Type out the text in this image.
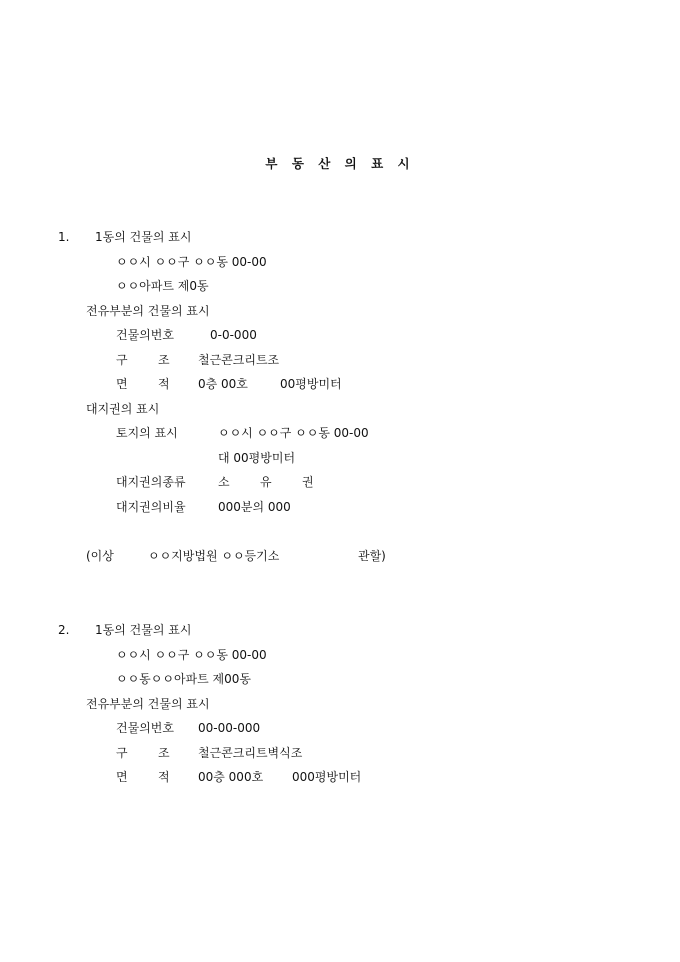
부 동 산 의 표 시
1. 1동의 건물의 표시
ㅇㅇ시 ㅇㅇ구 ㅇㅇ동 00-00
ㅇㅇ아파트 제0동
전유부분의 건물의 표시
건물의번호	0-0-000
구	조 철근콘크리트조
면	적 0층 00호	00평방미터
대지권의 표시
토지의 표시	ㅇㅇ시 ㅇㅇ구 ㅇㅇ동 00-00
대 00평방미터
대지권의종류	소	유	권
대지권의비율	000분의 000
(이상	ㅇㅇ지방법원 ㅇㅇ등기소	관할)
2. 1동의 건물의 표시
ㅇㅇ시 ㅇㅇ구 ㅇㅇ동 00-00
ㅇㅇ동ㅇㅇ아파트 제00동
전유부분의 건물의 표시
건물의번호 00-00-000
구	조 철근콘크리트벽식조
면	적 00층 000호 000평방미터
